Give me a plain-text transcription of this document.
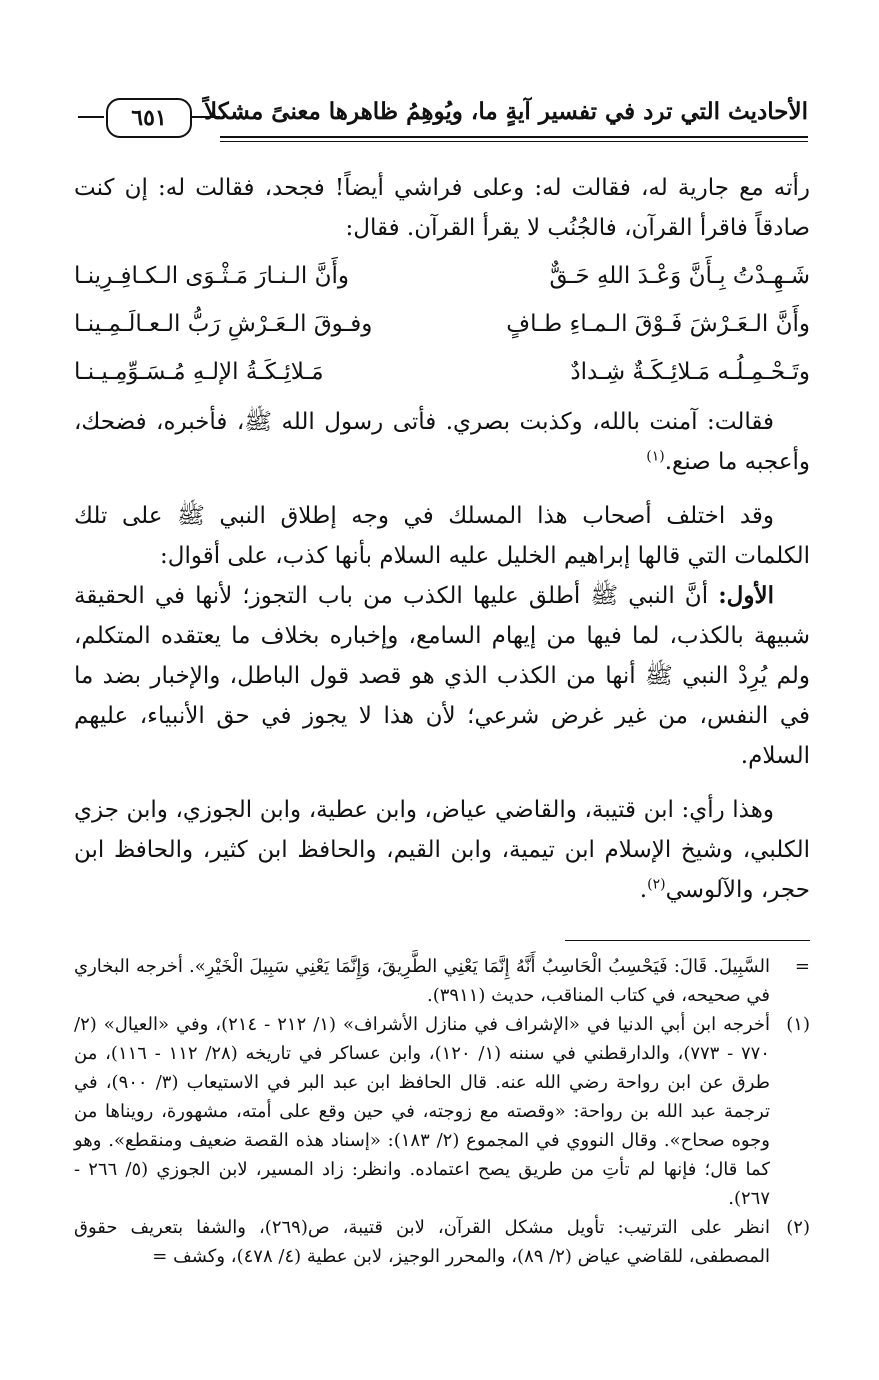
الأحاديث التي ترد في تفسير آيةٍ ما، ويُوهِمُ ظاهرها معنىً مشكلاً
٦٥١

رأته مع جارية له، فقالت له: وعلى فراشي أيضاً! فجحد، فقالت له: إن كنت صادقاً فاقرأ القرآن، فالجُنُب لا يقرأ القرآن. فقال:

شَـهِـدْتُ بِـأَنَّ وَعْـدَ اللهِ حَـقٌّ
وأَنَّ الـنـارَ مَـثْـوَى الـكـافِـرِينـا
وأَنَّ الـعَـرْشَ فَـوْقَ الـمـاءِ طـافٍ
وفـوقَ الـعَـرْشِ رَبُّ الـعـالَـمِـينـا
وتَـحْـمِـلُـه مَـلائِـكَـةٌ شِـدادٌ
مَـلائِـكَـةُ الإلـهِ مُـسَـوِّمِـيـنـا

فقالت: آمنت بالله، وكذبت بصري. فأتى رسول الله ﷺ، فأخبره، فضحك، وأعجبه ما صنع.$^{(١)}$

وقد اختلف أصحاب هذا المسلك في وجه إطلاق النبي ﷺ على تلك الكلمات التي قالها إبراهيم الخليل عليه السلام بأنها كذب، على أقوال:

الأول: أنَّ النبي ﷺ أطلق عليها الكذب من باب التجوز؛ لأنها في الحقيقة شبيهة بالكذب، لما فيها من إيهام السامع، وإخباره بخلاف ما يعتقده المتكلم، ولم يُرِدْ النبي ﷺ أنها من الكذب الذي هو قصد قول الباطل، والإخبار بضد ما في النفس، من غير غرض شرعي؛ لأن هذا لا يجوز في حق الأنبياء، عليهم السلام.

وهذا رأي: ابن قتيبة، والقاضي عياض، وابن عطية، وابن الجوزي، وابن جزي الكلبي، وشيخ الإسلام ابن تيمية، وابن القيم، والحافظ ابن كثير، والحافظ ابن حجر، والآلوسي$^{(٢)}$.

=
السَّبِيلَ. قَالَ: فَيَحْسِبُ الْحَاسِبُ أَنَّهُ إِنَّمَا يَعْنِي الطَّرِيقَ، وَإِنَّمَا يَعْنِي سَبِيلَ الْخَيْرِ». أخرجه البخاري في صحيحه، في كتاب المناقب، حديث (٣٩١١).
(١)
أخرجه ابن أبي الدنيا في «الإشراف في منازل الأشراف» (١/ ٢١٢ - ٢١٤)، وفي «العيال» (٢/ ٧٧٠ - ٧٧٣)، والدارقطني في سننه (١/ ١٢٠)، وابن عساكر في تاريخه (٢٨/ ١١٢ - ١١٦)، من طرق عن ابن رواحة رضي الله عنه. قال الحافظ ابن عبد البر في الاستيعاب (٣/ ٩٠٠)، في ترجمة عبد الله بن رواحة: «وقصته مع زوجته، في حين وقع على أمته، مشهورة، رويناها من وجوه صحاح». وقال النووي في المجموع (٢/ ١٨٣): «إسناد هذه القصة ضعيف ومنقطع». وهو كما قال؛ فإنها لم تأتِ من طريق يصح اعتماده. وانظر: زاد المسير، لابن الجوزي (٥/ ٢٦٦ - ٢٦٧).
(٢)
انظر على الترتيب: تأويل مشكل القرآن، لابن قتيبة، ص(٢٦٩)، والشفا بتعريف حقوق المصطفى، للقاضي عياض (٢/ ٨٩)، والمحرر الوجيز، لابن عطية (٤/ ٤٧٨)، وكشف =
